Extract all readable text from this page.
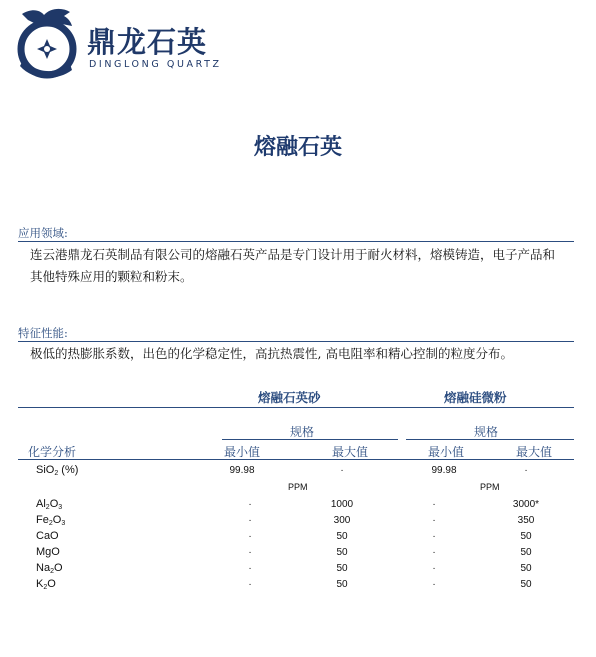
鼎龙石英
DINGLONG QUARTZ
熔融石英
应用领域:
连云港鼎龙石英制品有限公司的熔融石英产品是专门设计用于耐火材料，熔模铸造，电子产品和
其他特殊应用的颗粒和粉末。
特征性能:
极低的热膨胀系数，出色的化学稳定性，高抗热震性, 高电阻率和精心控制的粒度分布。
熔融石英砂	熔融硅微粉
规格	规格
化学分析	最小值	最大值	最小值	最大值
SiO$_2$ (%)	99.98	·	99.98	·
PPM	PPM
$Al_2O_3$	·	1000	·	3000*
$Fe_2O_3$	·	300	·	350
CaO	·	50	·	50
MgO	·	50	·	50
$Na_2O$	·	50	·	50
$K_2O$	·	50	·	50
